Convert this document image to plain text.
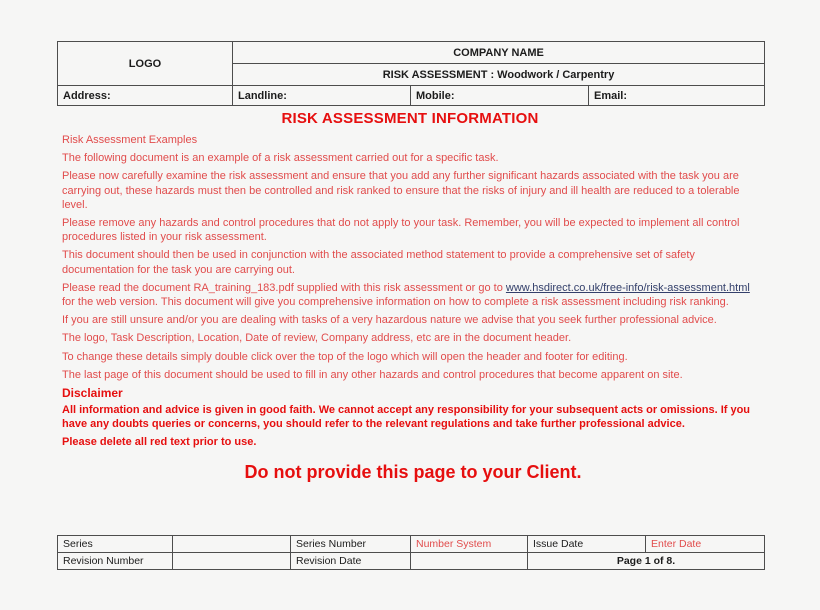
LOGO	COMPANY NAME		
	RISK ASSESSMENT : Woodwork / Carpentry		
Address:	Landline:	Mobile:	Email:
RISK ASSESSMENT INFORMATION

Risk Assessment Examples

The following document is an example of a risk assessment carried out for a specific task.

Please now carefully examine the risk assessment and ensure that you add any further significant hazards associated with the task you are carrying out, these hazards must then be controlled and risk ranked to ensure that the risks of injury and ill health are reduced to a tolerable level.

Please remove any hazards and control procedures that do not apply to your task. Remember, you will be expected to implement all control procedures listed in your risk assessment.

This document should then be used in conjunction with the associated method statement to provide a comprehensive set of safety documentation for the task you are carrying out.

Please read the document RA_training_183.pdf supplied with this risk assessment or go to www.hsdirect.co.uk/free-info/risk-assessment.html for the web version. This document will give you comprehensive information on how to complete a risk assessment including risk ranking.

If you are still unsure and/or you are dealing with tasks of a very hazardous nature we advise that you seek further professional advice.

The logo, Task Description, Location, Date of review, Company address, etc are in the document header.

To change these details simply double click over the top of the logo which will open the header and footer for editing.

The last page of this document should be used to fill in any other hazards and control procedures that become apparent on site.

Disclaimer

All information and advice is given in good faith. We cannot accept any responsibility for your subsequent acts or omissions. If you have any doubts queries or concerns, you should refer to the relevant regulations and take further professional advice.

Please delete all red text prior to use.

Do not provide this page to your Client.
Series		Series Number	Number System	Issue Date	Enter Date
Revision Number		Revision Date		Page 1 of 8.	
